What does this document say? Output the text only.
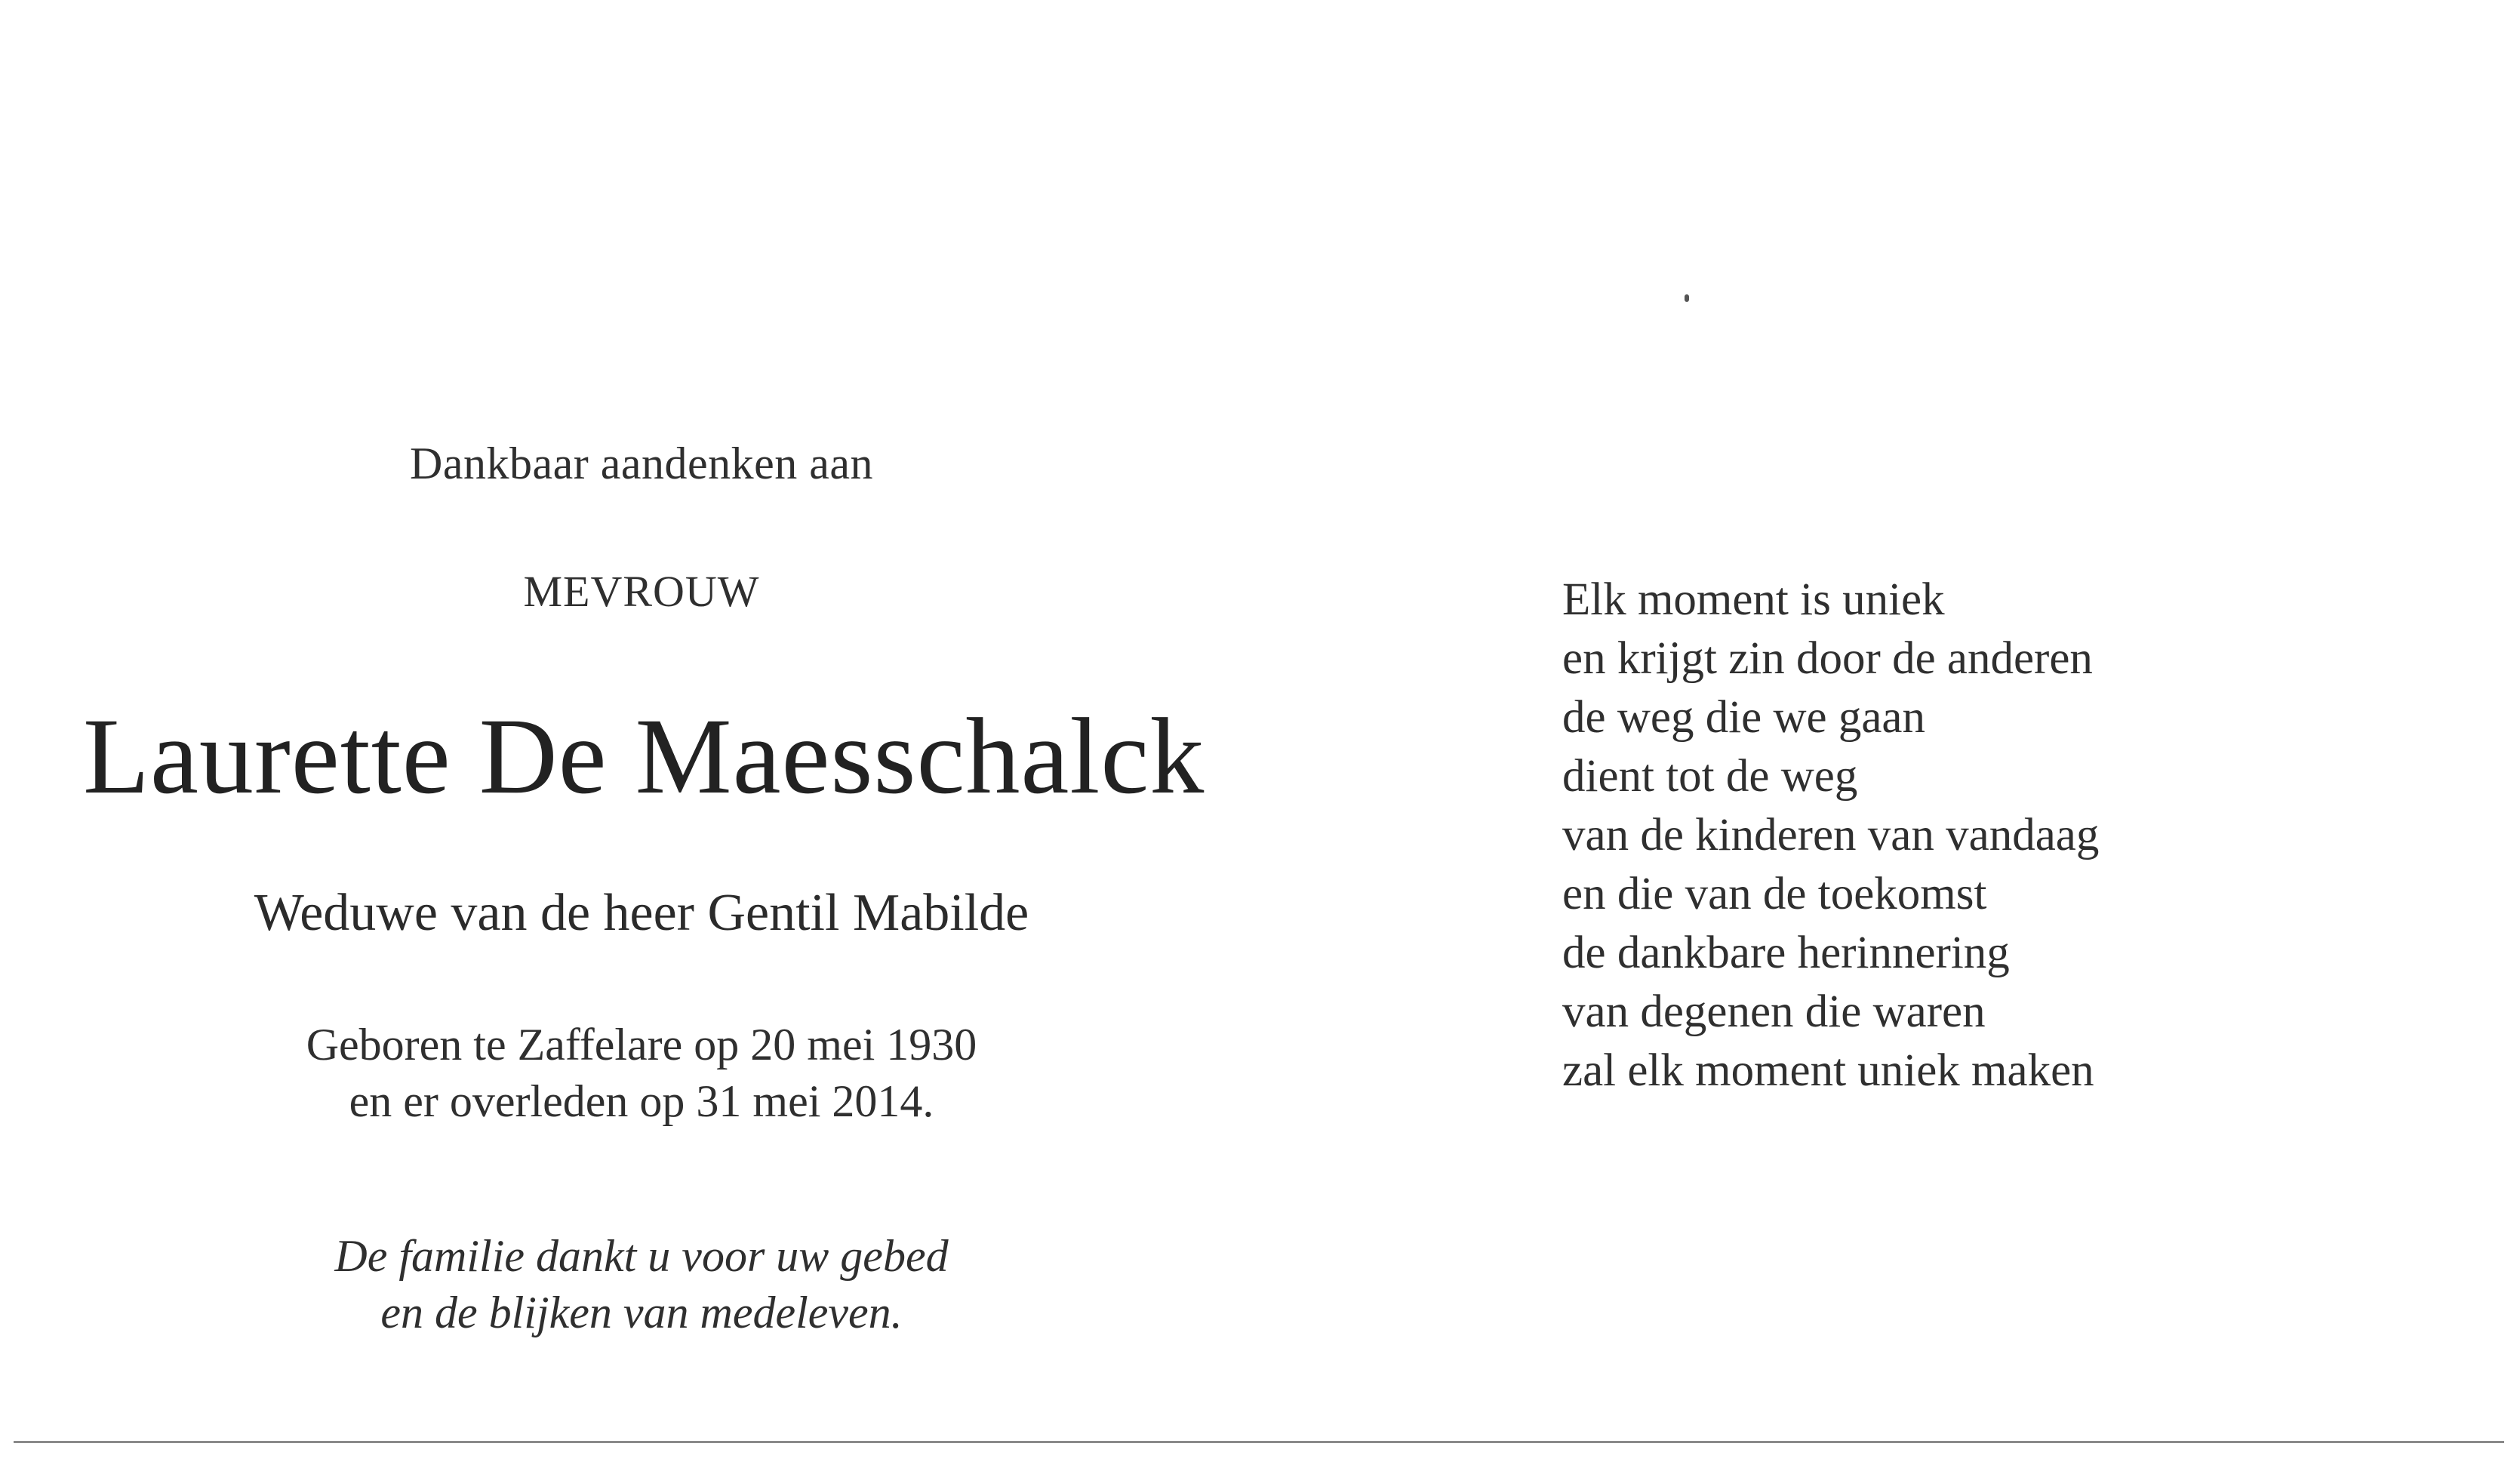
Dankbaar aandenken aan
MEVROUW
Laurette De Maesschalck
Weduwe van de heer Gentil Mabilde
Geboren te Zaffelare op 20 mei 1930
en er overleden op 31 mei 2014.
De familie dankt u voor uw gebed
en de blijken van medeleven.
Elk moment is uniek
en krijgt zin door de anderen
de weg die we gaan
dient tot de weg
van de kinderen van vandaag
en die van de toekomst
de dankbare herinnering
van degenen die waren
zal elk moment uniek maken
